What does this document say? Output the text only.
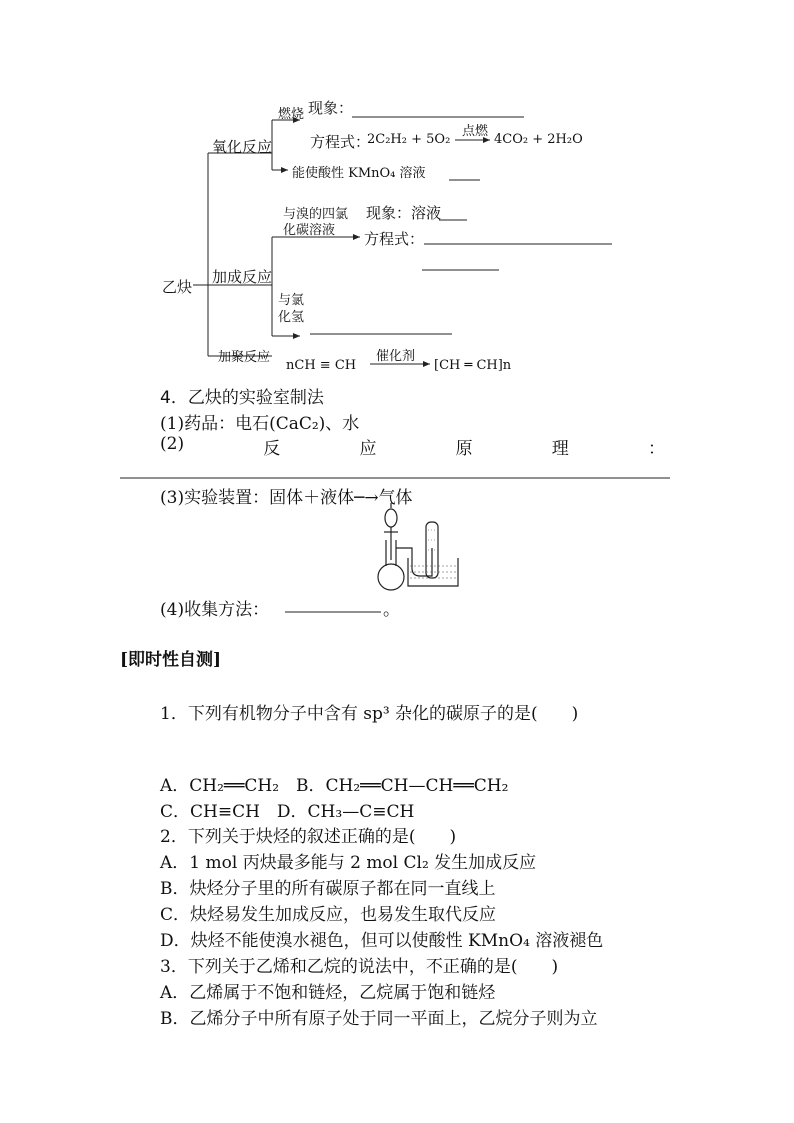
乙炔
氧化反应
燃烧 现象：
方程式：
2C₂H₂ + 5O₂
点燃
4CO₂ + 2H₂O
能使酸性 KMnO₄ 溶液
加成反应
与溴的四氯
化碳溶液
现象：溶液
方程式：
与氯
化氢
加聚反应
nCH ≡ CH
催化剂
[CH ═ CH]n
4．乙炔的实验室制法
(1)药品：电石(CaC₂)、水
(2)	反	应	原	理	：
(3)实验装置：固体＋液体─→气体
(4)收集方法：	。
[即时性自测]
1．下列有机物分子中含有 sp³ 杂化的碳原子的是(　　)
A．CH₂══CH₂　B．CH₂══CH—CH══CH₂
C．CH≡CH　D．CH₃—C≡CH
2．下列关于炔烃的叙述正确的是(　　)
A．1 mol 丙炔最多能与 2 mol Cl₂ 发生加成反应
B．炔烃分子里的所有碳原子都在同一直线上
C．炔烃易发生加成反应，也易发生取代反应
D．炔烃不能使溴水褪色，但可以使酸性 KMnO₄ 溶液褪色
3．下列关于乙烯和乙烷的说法中，不正确的是(　　)
A．乙烯属于不饱和链烃，乙烷属于饱和链烃
B．乙烯分子中所有原子处于同一平面上，乙烷分子则为立
